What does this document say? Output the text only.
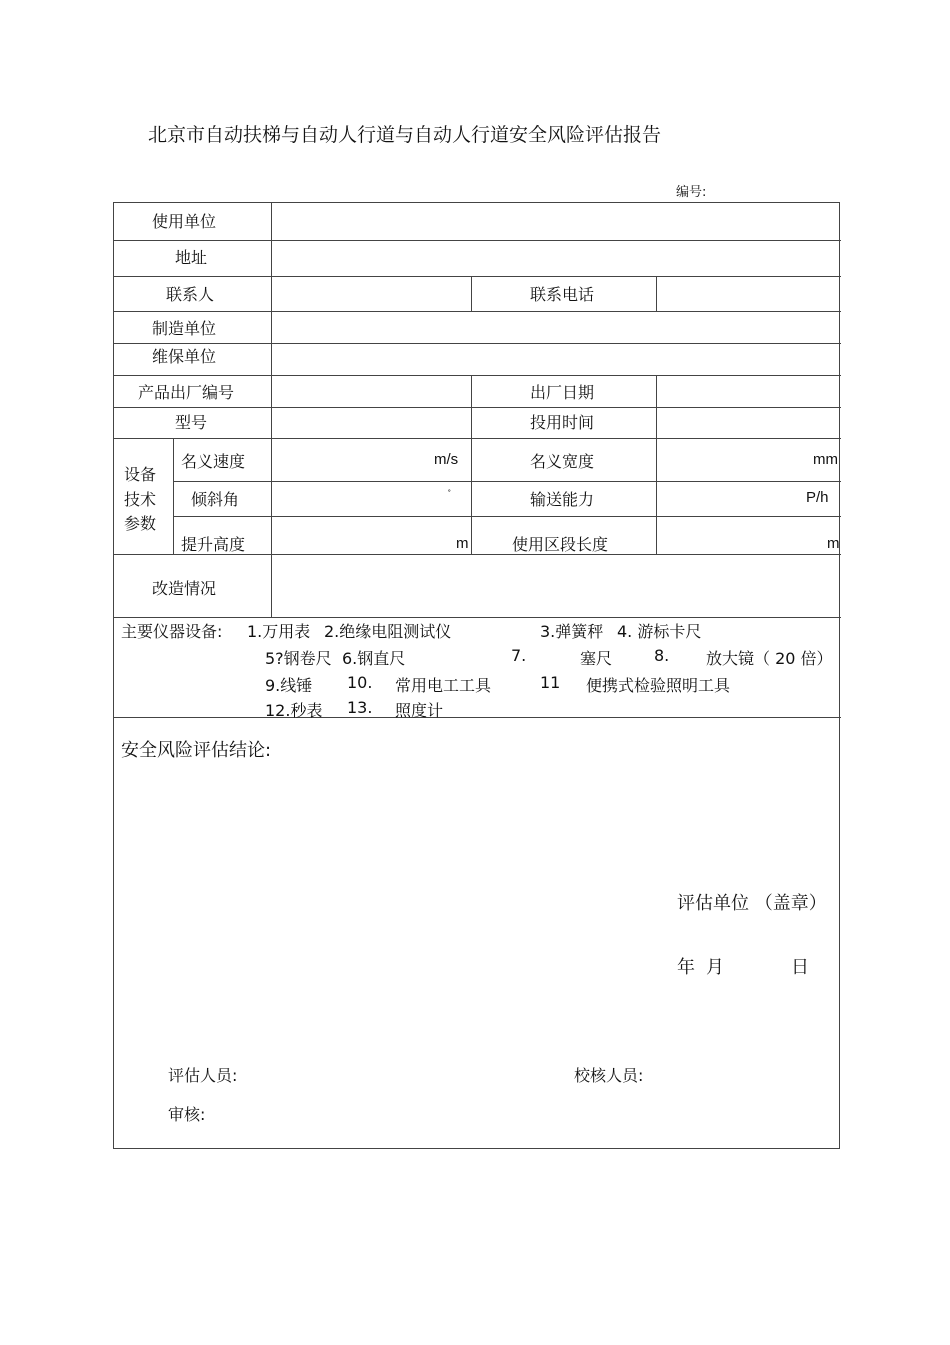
北京市自动扶梯与自动人行道与自动人行道安全风险评估报告
编号:
使用单位
地址
联系人	联系电话
制造单位
维保单位
产品出厂编号	出厂日期
型号	投用时间
设备
技术
参数
名义速度	m/s	名义宽度	mm
倾斜角	˚	输送能力	P/h
提升高度	m	使用区段长度	m
改造情况
主要仪器设备: 1.万用表 2.绝缘电阻测试仪	3.弹簧秤 4. 游标卡尺
5?钢卷尺 6.钢直尺	7.	塞尺	8. 放大镜（ 20 倍）
9.线锤 10. 常用电工工具	11 便携式检验照明工具
12.秒表 13. 照度计
安全风险评估结论:
评估单位 （盖章）
年 月	日
评估人员:	校核人员:
审核:
